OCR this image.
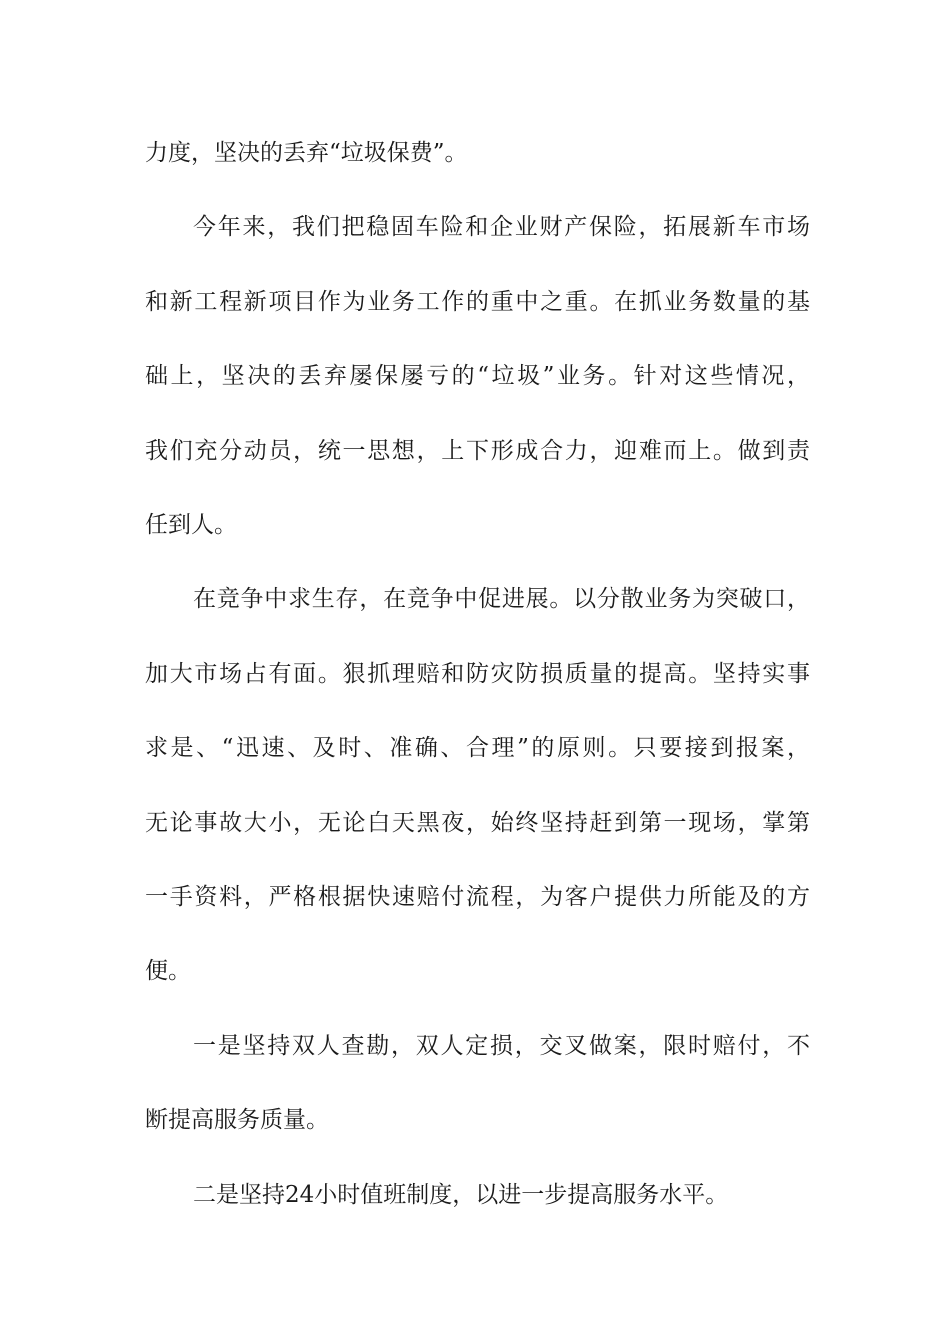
力度，坚决的丢弃“垃圾保费”。
今年来，我们把稳固车险和企业财产保险，拓展新车市场
和新工程新项目作为业务工作的重中之重。在抓业务数量的基
础上，坚决的丢弃屡保屡亏的“垃圾”业务。针对这些情况，
我们充分动员，统一思想，上下形成合力，迎难而上。做到责
任到人。
在竞争中求生存，在竞争中促进展。以分散业务为突破口，
加大市场占有面。狠抓理赔和防灾防损质量的提高。坚持实事
求是、“迅速、及时、准确、合理”的原则。只要接到报案，
无论事故大小，无论白天黑夜，始终坚持赶到第一现场，掌第
一手资料，严格根据快速赔付流程，为客户提供力所能及的方
便。
一是坚持双人查勘，双人定损，交叉做案，限时赔付，不
断提高服务质量。
二是坚持24小时值班制度，以进一步提高服务水平。
